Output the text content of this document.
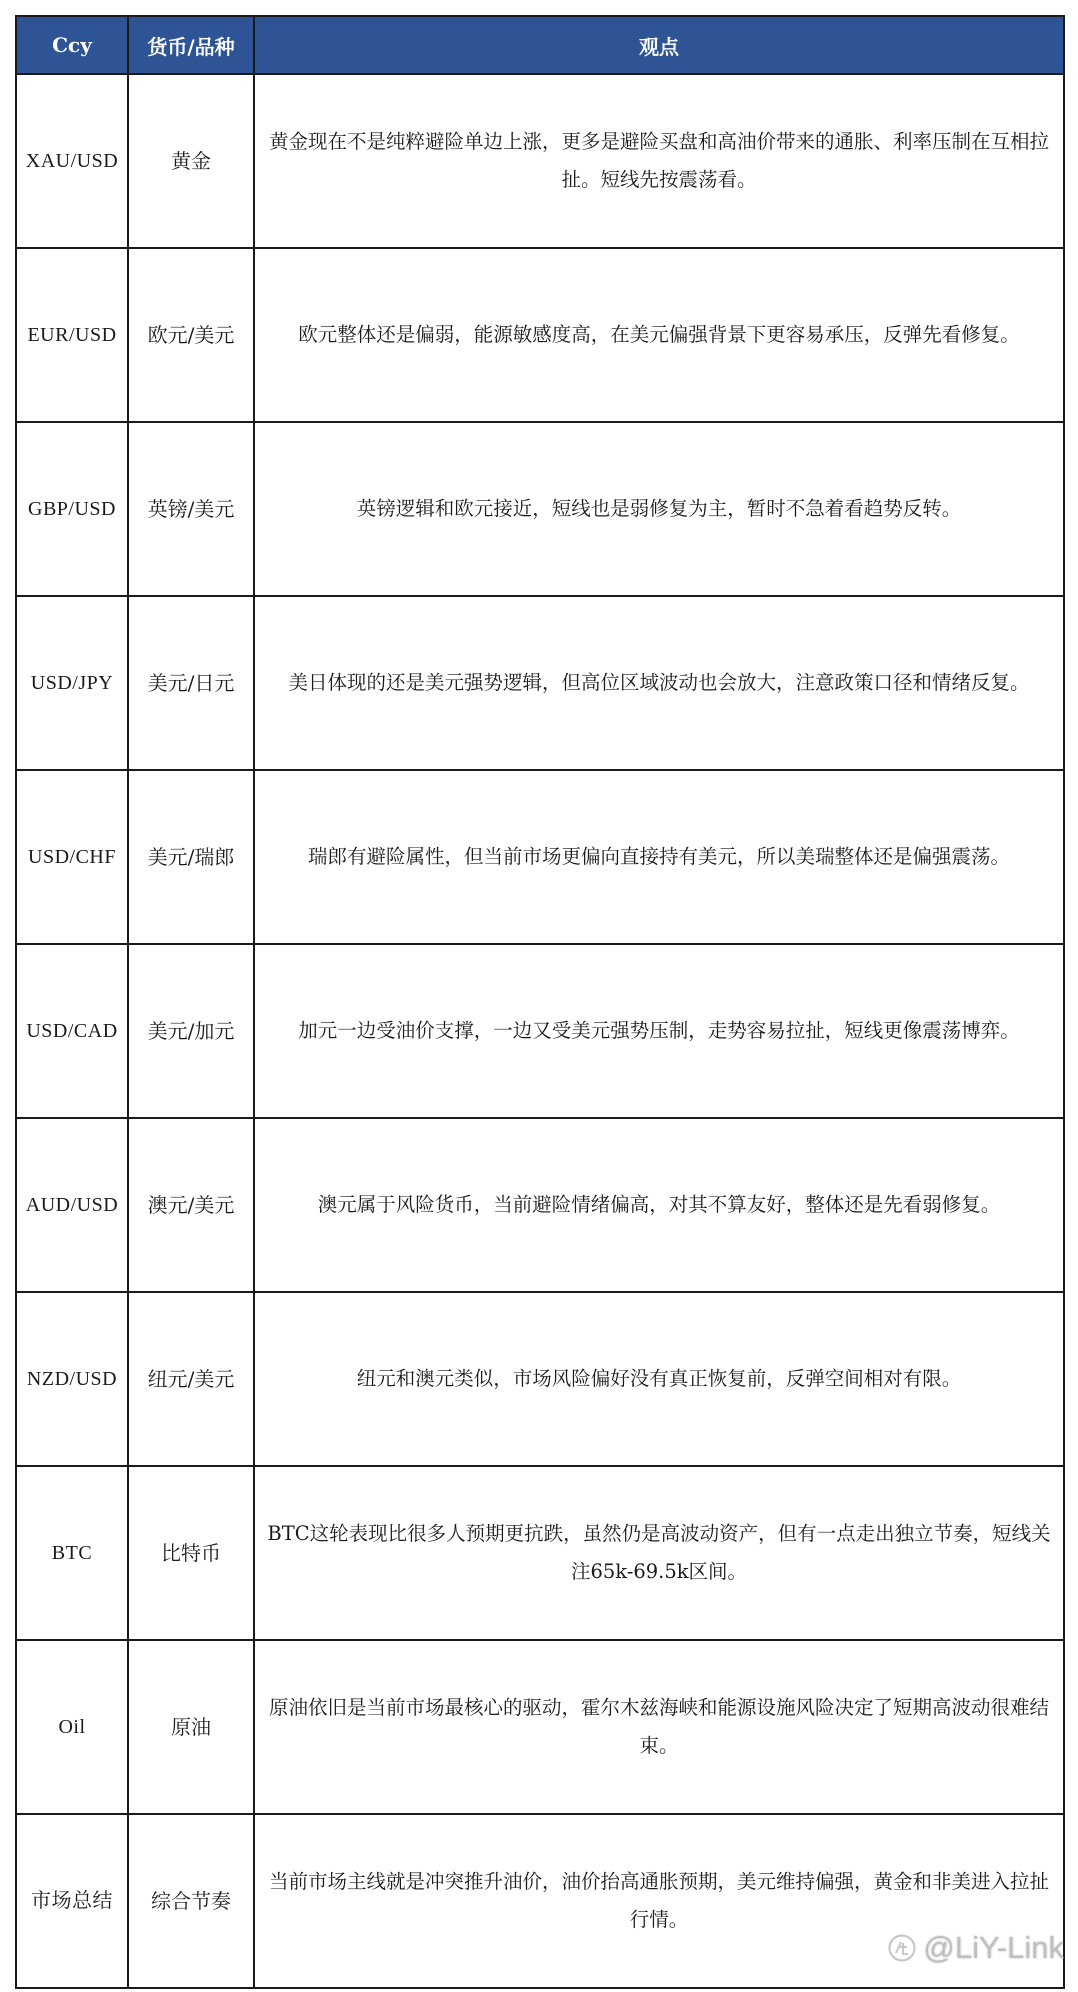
Ccy	货币/品种	观点
XAU/USD	黄金	黄金现在不是纯粹避险单边上涨，更多是避险买盘和高油价带来的通胀、利率压制在互相拉扯。短线先按震荡看。
EUR/USD	欧元/美元	欧元整体还是偏弱，能源敏感度高，在美元偏强背景下更容易承压，反弹先看修复。
GBP/USD	英镑/美元	英镑逻辑和欧元接近，短线也是弱修复为主，暂时不急着看趋势反转。
USD/JPY	美元/日元	美日体现的还是美元强势逻辑，但高位区域波动也会放大，注意政策口径和情绪反复。
USD/CHF	美元/瑞郎	瑞郎有避险属性，但当前市场更偏向直接持有美元，所以美瑞整体还是偏强震荡。
USD/CAD	美元/加元	加元一边受油价支撑，一边又受美元强势压制，走势容易拉扯，短线更像震荡博弈。
AUD/USD	澳元/美元	澳元属于风险货币，当前避险情绪偏高，对其不算友好，整体还是先看弱修复。
NZD/USD	纽元/美元	纽元和澳元类似，市场风险偏好没有真正恢复前，反弹空间相对有限。
BTC	比特币	BTC这轮表现比很多人预期更抗跌，虽然仍是高波动资产，但有一点走出独立节奏，短线关注65k-69.5k区间。
Oil	原油	原油依旧是当前市场最核心的驱动，霍尔木兹海峡和能源设施风险决定了短期高波动很难结束。
市场总结	综合节奏	当前市场主线就是冲突推升油价，油价抬高通胀预期，美元维持偏强，黄金和非美进入拉扯行情。
@LiY-Link
